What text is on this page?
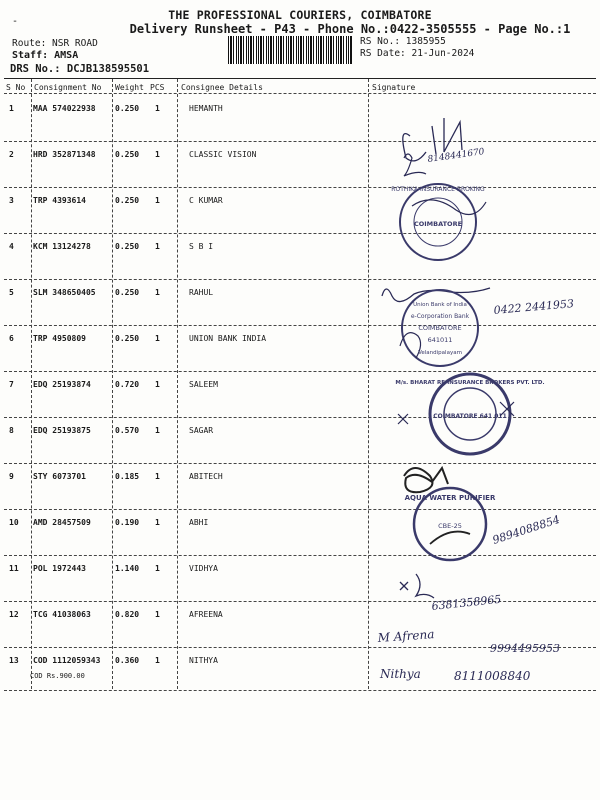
THE PROFESSIONAL COURIERS, COIMBATORE
-
Delivery Runsheet - P43 - Phone No.:0422-3505555 - Page No.:1
Route: NSR ROAD
Staff: AMSA
DRS No.: DCJB138595501
RS No.: 1385955
RS Date: 21-Jun-2024
S No Consignment No Weight PCS Consignee Details	Signature
1 MAA 574022938 0.250 1	HEMANTH
2 HRD 352871348 0.250 1	CLASSIC VISION
3 TRP 4393614	0.250 1	C KUMAR
4 KCM 13124278	0.250 1	S B I
5 SLM 348650405 0.250 1	RAHUL
6 TRP 4950809	0.250 1	UNION BANK INDIA
7 EDQ 25193874	0.720 1	SALEEM
8 EDQ 25193875	0.570 1	SAGAR
9 STY 6073701	0.185 1	ABITECH
10 AMD 28457509	0.190 1	ABHI
11 POL 1972443	1.140 1	VIDHYA
12 TCG 41038063	0.820 1	AFREENA
13 COD 1112059343 0.360 1	NITHYA
COD Rs.900.00
8148441670
ROTHIKA INSURANCE BROKING
COIMBATORE
0422 2441953
Union Bank of India
e-Corporation Bank
COIMBATORE
641011
Velandipalayam
M/s. BHARAT RE-INSURANCE BROKERS PVT. LTD.
COIMBATORE 641 011
AQUA WATER PURIFIER
CBE-25	9894088854
6381358965
M Afrena
9994495953
Nithya	8111008840
